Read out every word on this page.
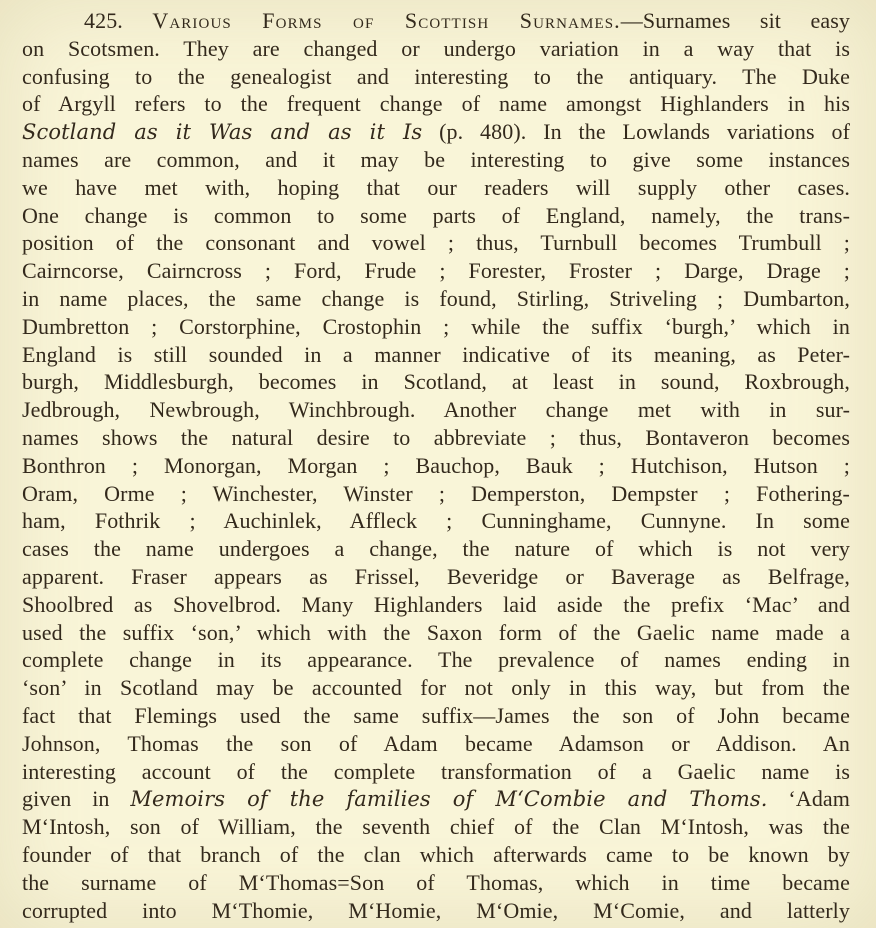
425. Various Forms of Scottish Surnames.—Surnames sit easy
on Scotsmen. They are changed or undergo variation in a way that is
confusing to the genealogist and interesting to the antiquary. The Duke
of Argyll refers to the frequent change of name amongst Highlanders in his
Scotland as it Was and as it Is (p. 480). In the Lowlands variations of
names are common, and it may be interesting to give some instances
we have met with, hoping that our readers will supply other cases.
One change is common to some parts of England, namely, the trans-
position of the consonant and vowel ; thus, Turnbull becomes Trumbull ;
Cairncorse, Cairncross ; Ford, Frude ; Forester, Froster ; Darge, Drage ;
in name places, the same change is found, Stirling, Striveling ; Dumbarton,
Dumbretton ; Corstorphine, Crostophin ; while the suffix ‘burgh,’ which in
England is still sounded in a manner indicative of its meaning, as Peter-
burgh, Middlesburgh, becomes in Scotland, at least in sound, Roxbrough,
Jedbrough, Newbrough, Winchbrough. Another change met with in sur-
names shows the natural desire to abbreviate ; thus, Bontaveron becomes
Bonthron ; Monorgan, Morgan ; Bauchop, Bauk ; Hutchison, Hutson ;
Oram, Orme ; Winchester, Winster ; Demperston, Dempster ; Fothering-
ham, Fothrik ; Auchinlek, Affleck ; Cunninghame, Cunnyne. In some
cases the name undergoes a change, the nature of which is not very
apparent. Fraser appears as Frissel, Beveridge or Baverage as Belfrage,
Shoolbred as Shovelbrod. Many Highlanders laid aside the prefix ‘Mac’ and
used the suffix ‘son,’ which with the Saxon form of the Gaelic name made a
complete change in its appearance. The prevalence of names ending in
‘son’ in Scotland may be accounted for not only in this way, but from the
fact that Flemings used the same suffix—James the son of John became
Johnson, Thomas the son of Adam became Adamson or Addison. An
interesting account of the complete transformation of a Gaelic name is
given in Memoirs of the families of M‘Combie and Thoms. ‘Adam
M‘Intosh, son of William, the seventh chief of the Clan M‘Intosh, was the
founder of that branch of the clan which afterwards came to be known by
the surname of M‘Thomas=Son of Thomas, which in time became
corrupted into M‘Thomie, M‘Homie, M‘Omie, M‘Comie, and latterly
